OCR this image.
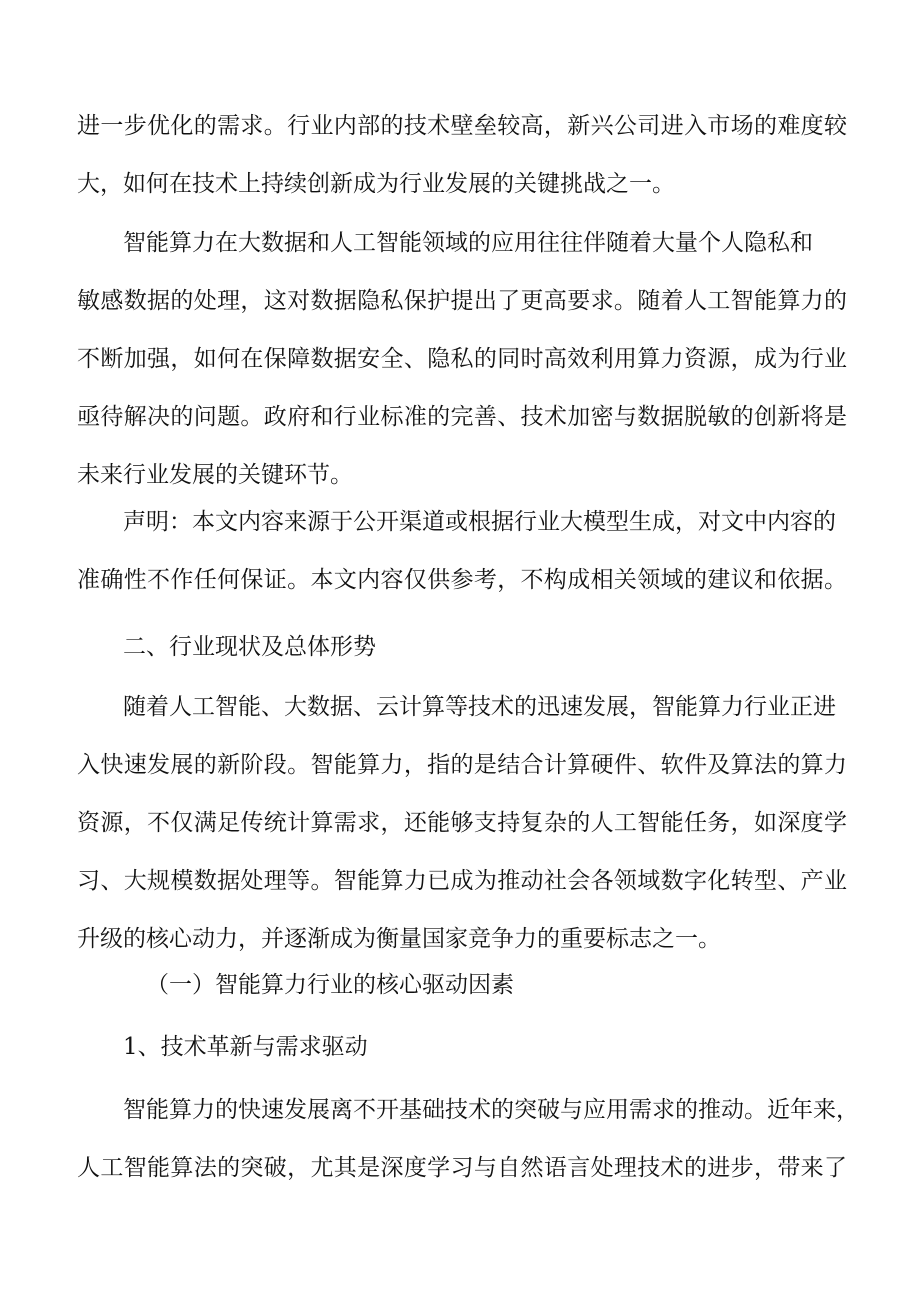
进一步优化的需求。行业内部的技术壁垒较高，新兴公司进入市场的难度较
大，如何在技术上持续创新成为行业发展的关键挑战之一。
智能算力在大数据和人工智能领域的应用往往伴随着大量个人隐私和
敏感数据的处理，这对数据隐私保护提出了更高要求。随着人工智能算力的
不断加强，如何在保障数据安全、隐私的同时高效利用算力资源，成为行业
亟待解决的问题。政府和行业标准的完善、技术加密与数据脱敏的创新将是
未来行业发展的关键环节。
声明：本文内容来源于公开渠道或根据行业大模型生成，对文中内容的
准确性不作任何保证。本文内容仅供参考，不构成相关领域的建议和依据。
二、行业现状及总体形势
随着人工智能、大数据、云计算等技术的迅速发展，智能算力行业正进
入快速发展的新阶段。智能算力，指的是结合计算硬件、软件及算法的算力
资源，不仅满足传统计算需求，还能够支持复杂的人工智能任务，如深度学
习、大规模数据处理等。智能算力已成为推动社会各领域数字化转型、产业
升级的核心动力，并逐渐成为衡量国家竞争力的重要标志之一。
（一）智能算力行业的核心驱动因素
1、技术革新与需求驱动
智能算力的快速发展离不开基础技术的突破与应用需求的推动。近年来，
人工智能算法的突破，尤其是深度学习与自然语言处理技术的进步，带来了
